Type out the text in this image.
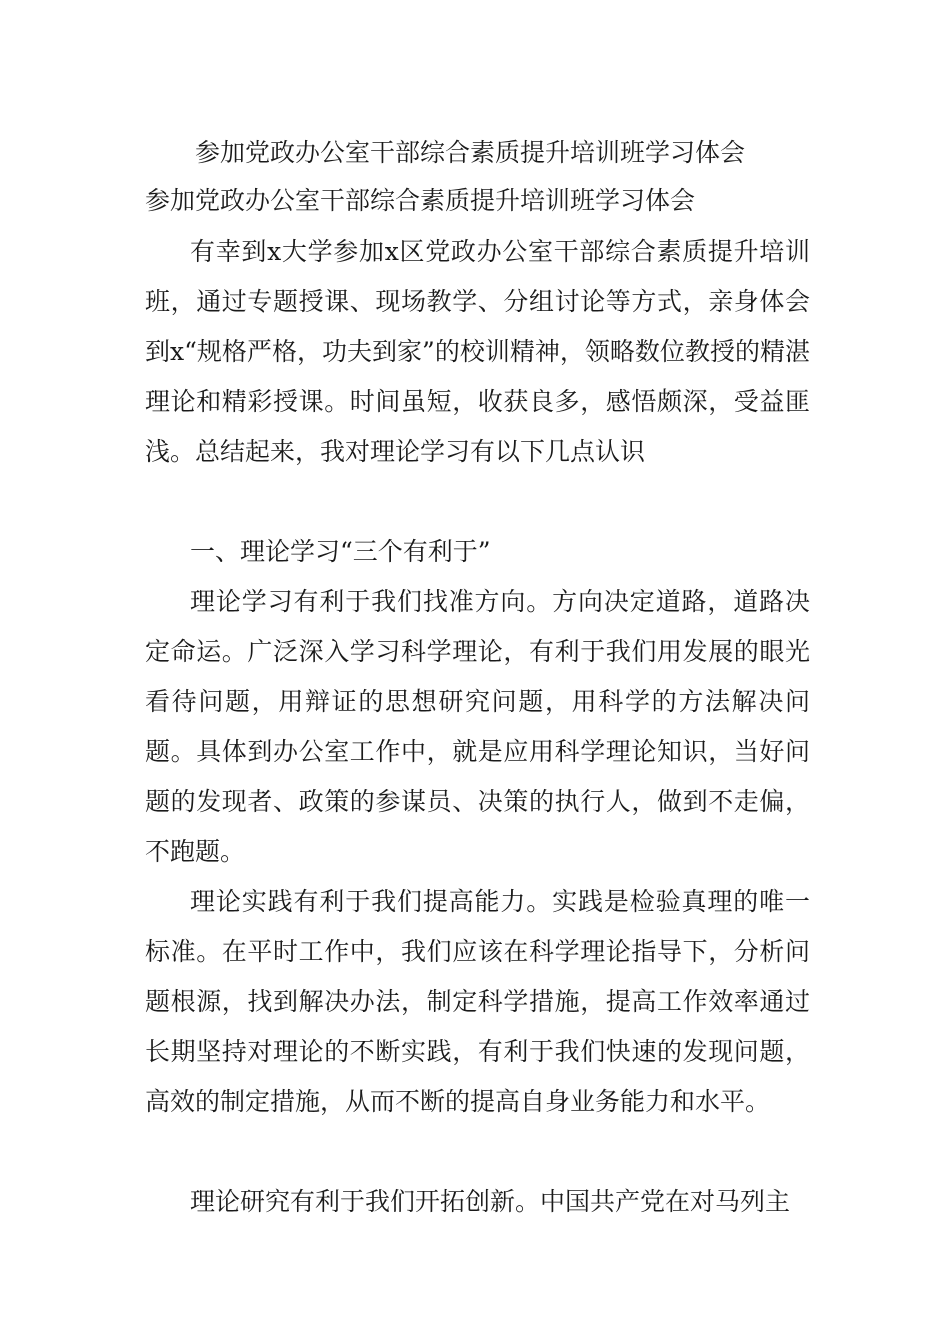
参加党政办公室干部综合素质提升培训班学习体会
参加党政办公室干部综合素质提升培训班学习体会

有幸到x大学参加x区党政办公室干部综合素质提升培训班，通过专题授课、现场教学、分组讨论等方式，亲身体会到x“规格严格，功夫到家”的校训精神，领略数位教授的精湛理论和精彩授课。时间虽短，收获良多，感悟颇深，受益匪浅。总结起来，我对理论学习有以下几点认识

一、理论学习“三个有利于”

理论学习有利于我们找准方向。方向决定道路，道路决定命运。广泛深入学习科学理论，有利于我们用发展的眼光看待问题，用辩证的思想研究问题，用科学的方法解决问题。具体到办公室工作中，就是应用科学理论知识，当好问题的发现者、政策的参谋员、决策的执行人，做到不走偏，不跑题。

理论实践有利于我们提高能力。实践是检验真理的唯一标准。在平时工作中，我们应该在科学理论指导下，分析问题根源，找到解决办法，制定科学措施，提高工作效率通过长期坚持对理论的不断实践，有利于我们快速的发现问题，高效的制定措施，从而不断的提高自身业务能力和水平。

理论研究有利于我们开拓创新。中国共产党在对马列主
